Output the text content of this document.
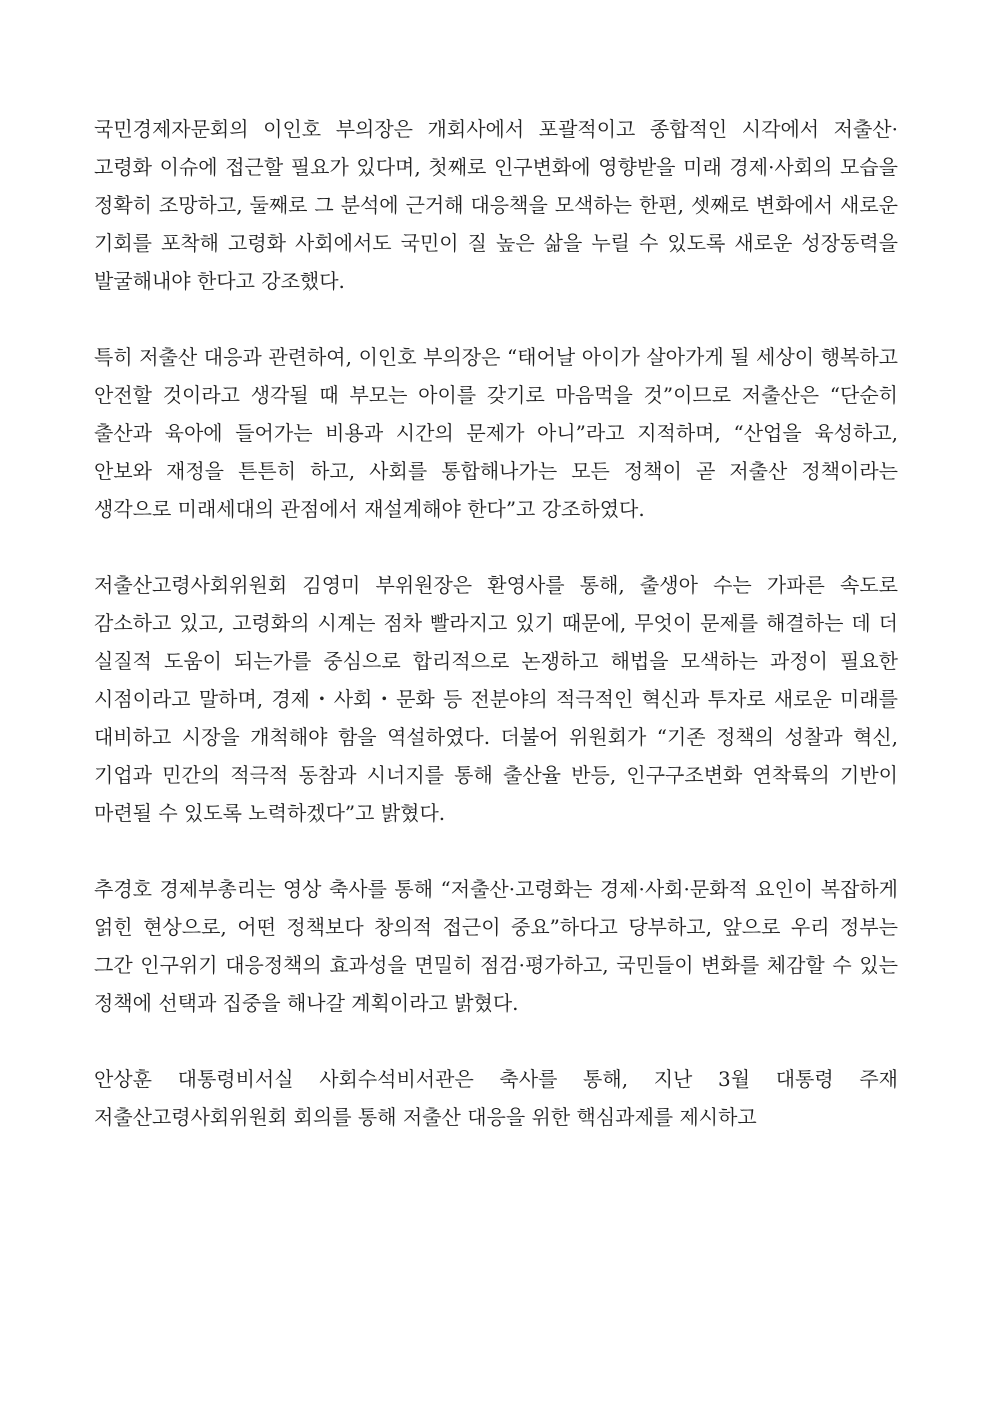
국민경제자문회의 이인호 부의장은 개회사에서 포괄적이고 종합적인 시각에서 저출산·고령화 이슈에 접근할 필요가 있다며, 첫째로 인구변화에 영향받을 미래 경제·사회의 모습을 정확히 조망하고, 둘째로 그 분석에 근거해 대응책을 모색하는 한편, 셋째로 변화에서 새로운 기회를 포착해 고령화 사회에서도 국민이 질 높은 삶을 누릴 수 있도록 새로운 성장동력을 발굴해내야 한다고 강조했다.

특히 저출산 대응과 관련하여, 이인호 부의장은 “태어날 아이가 살아가게 될 세상이 행복하고 안전할 것이라고 생각될 때 부모는 아이를 갖기로 마음먹을 것”이므로 저출산은 “단순히 출산과 육아에 들어가는 비용과 시간의 문제가 아니”라고 지적하며, “산업을 육성하고, 안보와 재정을 튼튼히 하고, 사회를 통합해나가는 모든 정책이 곧 저출산 정책이라는 생각으로 미래세대의 관점에서 재설계해야 한다”고 강조하였다.

저출산고령사회위원회 김영미 부위원장은 환영사를 통해, 출생아 수는 가파른 속도로 감소하고 있고, 고령화의 시계는 점차 빨라지고 있기 때문에, 무엇이 문제를 해결하는 데 더 실질적 도움이 되는가를 중심으로 합리적으로 논쟁하고 해법을 모색하는 과정이 필요한 시점이라고 말하며, 경제・사회・문화 등 전분야의 적극적인 혁신과 투자로 새로운 미래를 대비하고 시장을 개척해야 함을 역설하였다. 더불어 위원회가 “기존 정책의 성찰과 혁신, 기업과 민간의 적극적 동참과 시너지를 통해 출산율 반등, 인구구조변화 연착륙의 기반이 마련될 수 있도록 노력하겠다”고 밝혔다.

추경호 경제부총리는 영상 축사를 통해 “저출산·고령화는 경제·사회·문화적 요인이 복잡하게 얽힌 현상으로, 어떤 정책보다 창의적 접근이 중요”하다고 당부하고, 앞으로 우리 정부는 그간 인구위기 대응정책의 효과성을 면밀히 점검·평가하고, 국민들이 변화를 체감할 수 있는 정책에 선택과 집중을 해나갈 계획이라고 밝혔다.

안상훈 대통령비서실 사회수석비서관은 축사를 통해, 지난 3월 대통령 주재 저출산고령사회위원회 회의를 통해 저출산 대응을 위한 핵심과제를 제시하고
